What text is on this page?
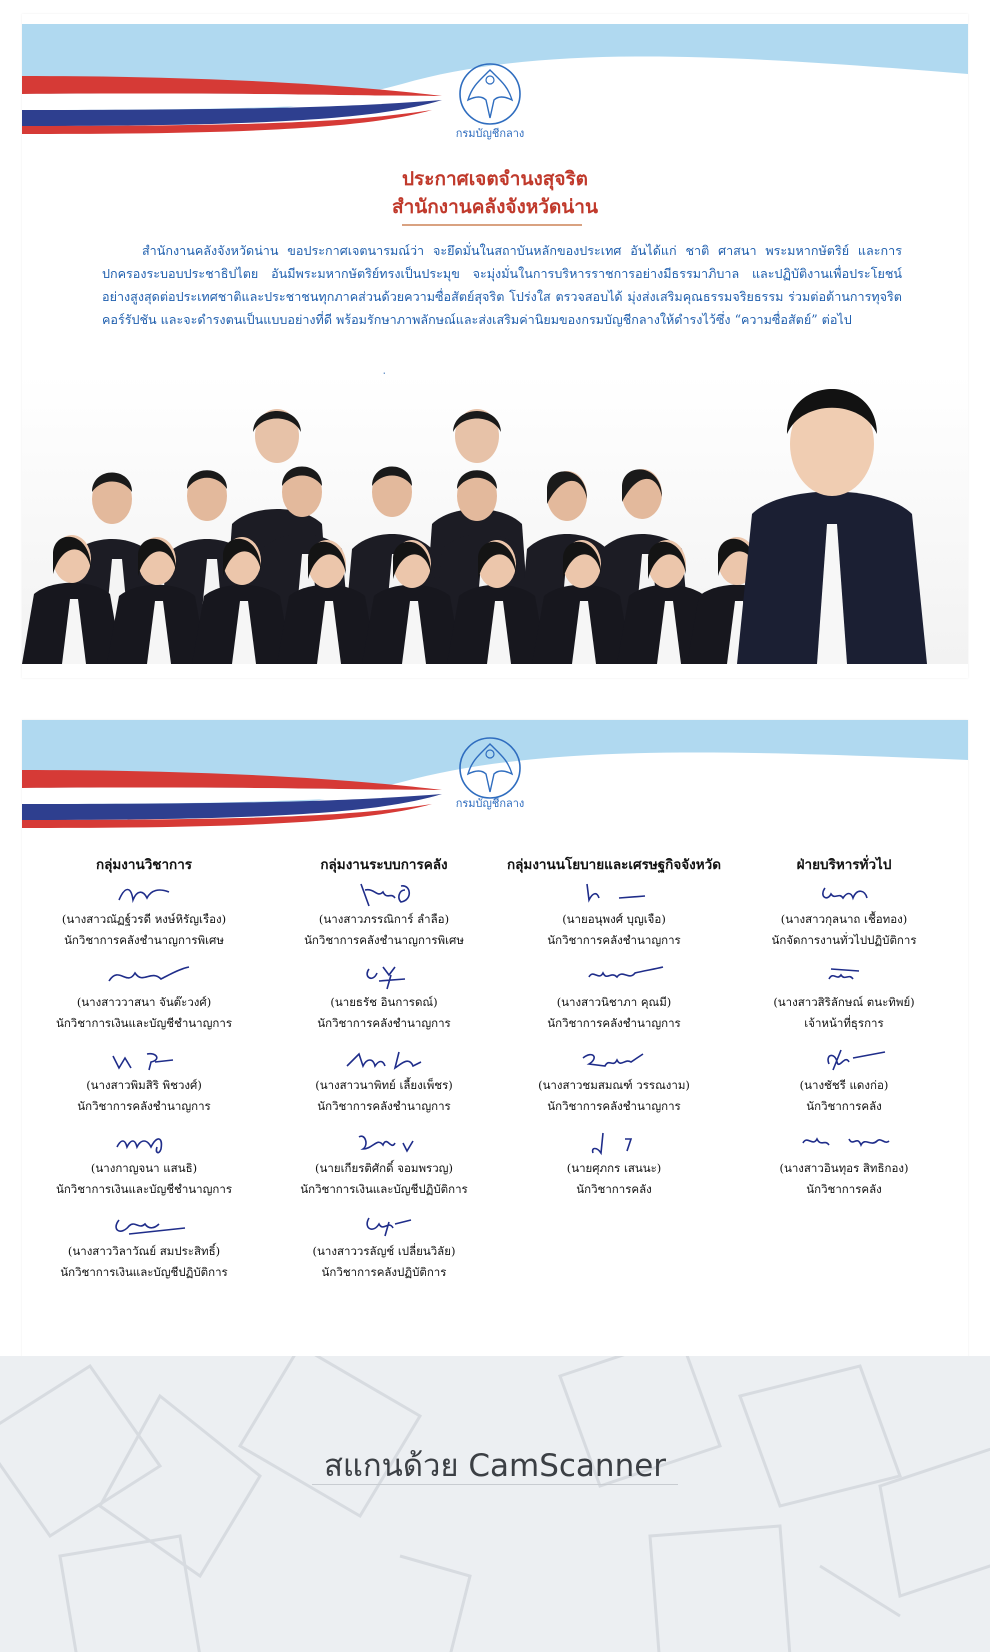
กรมบัญชีกลาง
ประกาศเจตจำนงสุจริต
สำนักงานคลังจังหวัดน่าน
สำนักงานคลังจังหวัดน่าน ขอประกาศเจตนารมณ์ว่า จะยึดมั่นในสถาบันหลักของประเทศ อันได้แก่ ชาติ ศาสนา พระมหากษัตริย์ และการปกครองระบอบประชาธิปไตย อันมีพระมหากษัตริย์ทรงเป็นประมุข จะมุ่งมั่นในการบริหารราชการอย่างมีธรรมาภิบาล และปฏิบัติงานเพื่อประโยชน์อย่างสูงสุดต่อประเทศชาติและประชาชนทุกภาคส่วนด้วยความซื่อสัตย์สุจริต โปร่งใส ตรวจสอบได้ มุ่งส่งเสริมคุณธรรมจริยธรรม ร่วมต่อต้านการทุจริตคอร์รัปชัน และจะดำรงตนเป็นแบบอย่างที่ดี พร้อมรักษาภาพลักษณ์และส่งเสริมค่านิยมของกรมบัญชีกลางให้ดำรงไว้ซึ่ง “ความซื่อสัตย์” ต่อไป
กรมบัญชีกลาง
กลุ่มงานวิชาการ
(นางสาวณัฏฐ์วรดี หงษ์หิรัญเรือง)
นักวิชาการคลังชำนาญการพิเศษ
(นางสาววาสนา จันต๊ะวงศ์)
นักวิชาการเงินและบัญชีชำนาญการ
(นางสาวพิมสิริ พิชวงศ์)
นักวิชาการคลังชำนาญการ
(นางกาญจนา แสนธิ)
นักวิชาการเงินและบัญชีชำนาญการ
(นางสาววิลาวัณย์ สมประสิทธิ์)
นักวิชาการเงินและบัญชีปฏิบัติการ
กลุ่มงานระบบการคลัง
(นางสาวภรรณิการ์ ลำลือ)
นักวิชาการคลังชำนาญการพิเศษ
(นายธรัช อินการดณ์)
นักวิชาการคลังชำนาญการ
(นางสาวนาพิทย์ เลี้ยงเพ็ชร)
นักวิชาการคลังชำนาญการ
(นายเกียรติศักดิ์ จอมพรวญ)
นักวิชาการเงินและบัญชีปฏิบัติการ
(นางสาววรลัญช์ เปลี่ยนวิลัย)
นักวิชาการคลังปฏิบัติการ
กลุ่มงานนโยบายและเศรษฐกิจจังหวัด
(นายอนุพงศ์ บุญเจือ)
นักวิชาการคลังชำนาญการ
(นางสาวนิชาภา คุณมี)
นักวิชาการคลังชำนาญการ
(นางสาวชมสมณฑ์ วรรณงาม)
นักวิชาการคลังชำนาญการ
(นายศุภกร เสนนะ)
นักวิชาการคลัง
ฝ่ายบริหารทั่วไป
(นางสาวกุลนาถ เชื้อทอง)
นักจัดการงานทั่วไปปฏิบัติการ
(นางสาวสิริลักษณ์ ตนะทิพย์)
เจ้าหน้าที่ธุรการ
(นางชัชรี แดงก่อ)
นักวิชาการคลัง
(นางสาวอินทุอร สิทธิกอง)
นักวิชาการคลัง
สแกนด้วย CamScanner
